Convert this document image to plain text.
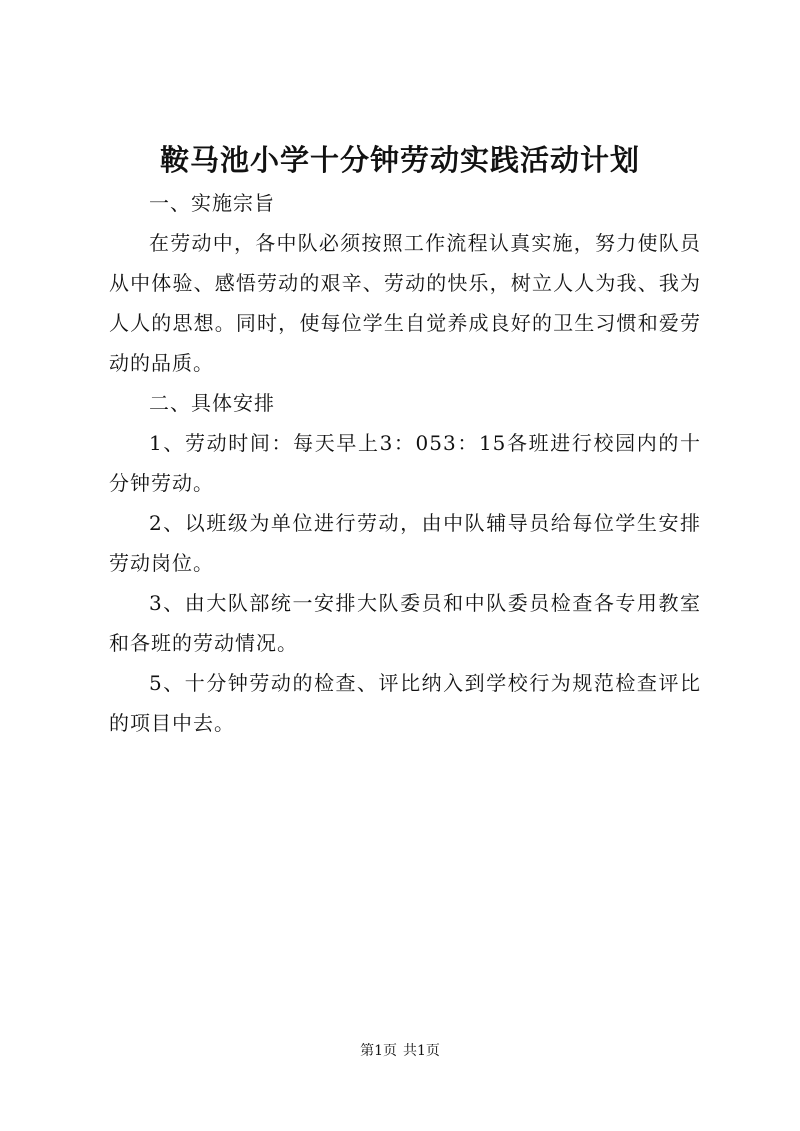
鞍马池小学十分钟劳动实践活动计划

一、实施宗旨

在劳动中，各中队必须按照工作流程认真实施，努力使队员从中体验、感悟劳动的艰辛、劳动的快乐，树立人人为我、我为人人的思想。同时，使每位学生自觉养成良好的卫生习惯和爱劳动的品质。

二、具体安排

1、劳动时间：每天早上3：053：15各班进行校园内的十分钟劳动。

2、以班级为单位进行劳动，由中队辅导员给每位学生安排劳动岗位。

3、由大队部统一安排大队委员和中队委员检查各专用教室和各班的劳动情况。

5、十分钟劳动的检查、评比纳入到学校行为规范检查评比的项目中去。

第1页 共1页
